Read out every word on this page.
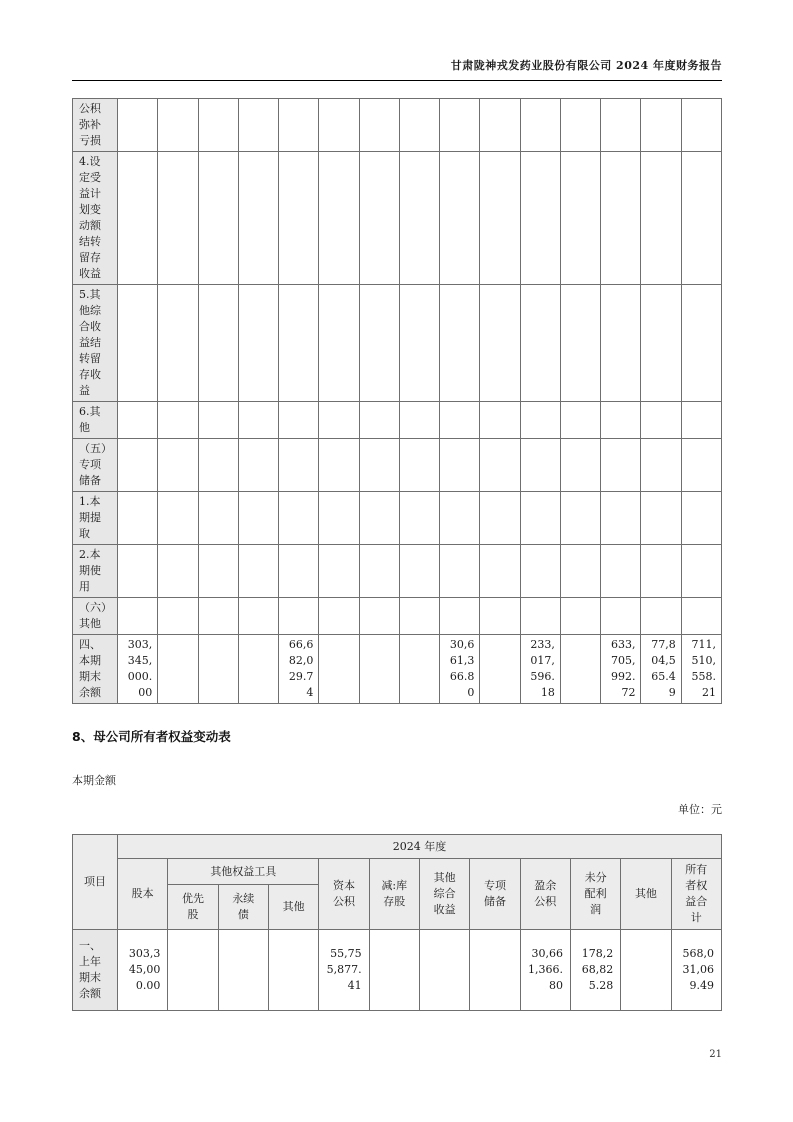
甘肃陇神戎发药业股份有限公司 2024 年度财务报告
公积弥补亏损															
4.设定受益计划变动额结转留存收益															
5.其他综合收益结转留存收益															
6.其他															
（五）专项储备															
1.本期提取															
2.本期使用															
（六）其他															
四、本期期末余额	303,345,000.00				66,682,029.74				30,661,366.80		233,017,596.18		633,705,992.72	77,804,565.49	711,510,558.21
8、母公司所有者权益变动表
本期金额
单位：元
项目	2024 年度											
	股本	其他权益工具			资本公积	减:库存股	其他综合收益	专项储备	盈余公积	未分配利润	其他	所有者权益合计
		优先股	永续债	其他								
一、上年期末余额	303,345,000.00				55,755,877.41				30,661,366.80	178,268,825.28		568,031,069.49
21
